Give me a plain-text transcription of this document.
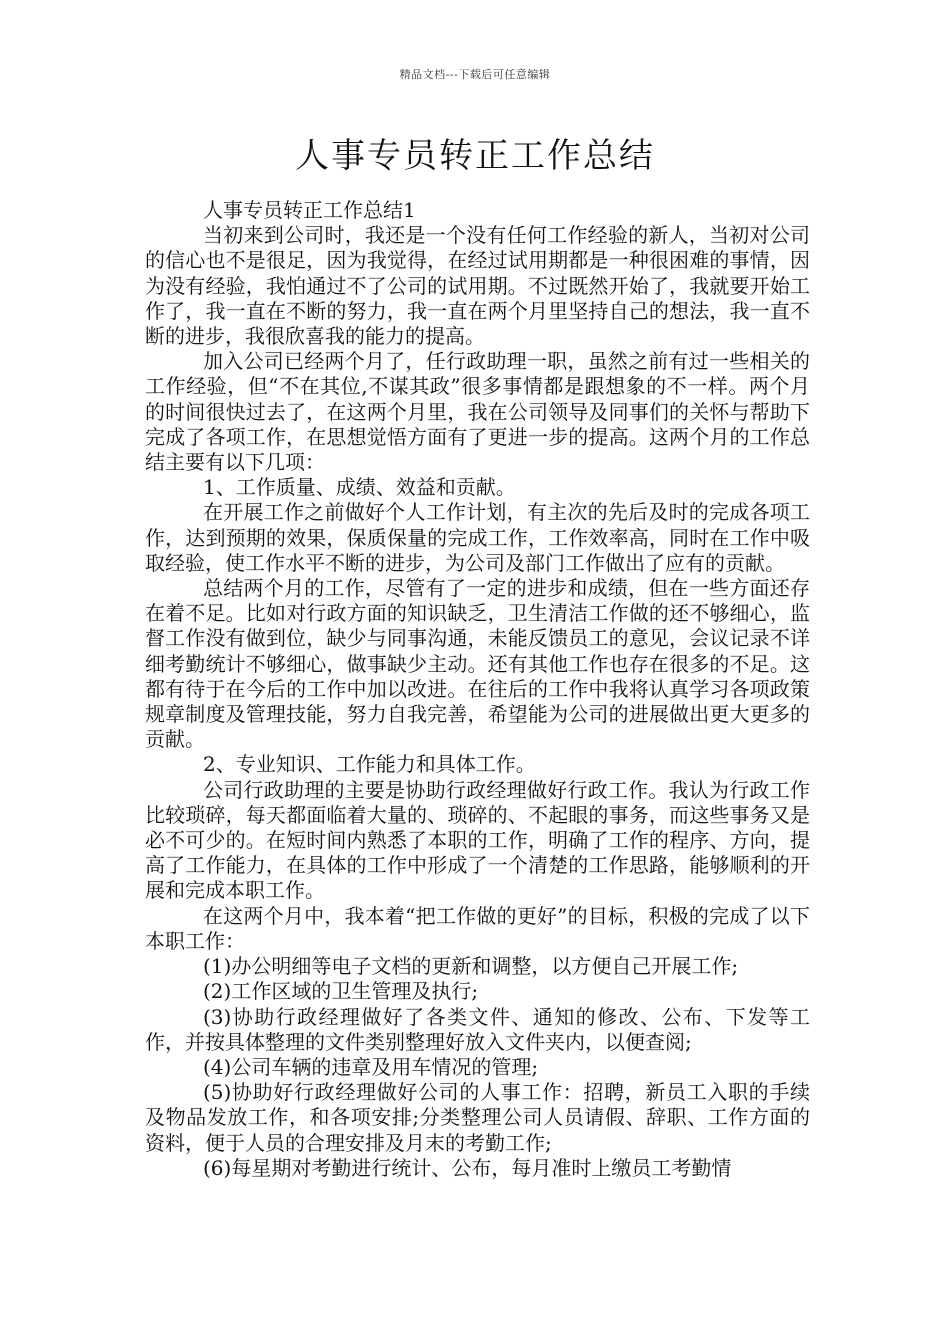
精品文档---下载后可任意编辑
人事专员转正工作总结

人事专员转正工作总结1

当初来到公司时，我还是一个没有任何工作经验的新人，当初对公司的信心也不是很足，因为我觉得，在经过试用期都是一种很困难的事情，因为没有经验，我怕通过不了公司的试用期。不过既然开始了，我就要开始工作了，我一直在不断的努力，我一直在两个月里坚持自己的想法，我一直不断的进步，我很欣喜我的能力的提高。

加入公司已经两个月了，任行政助理一职，虽然之前有过一些相关的工作经验，但“不在其位,不谋其政”很多事情都是跟想象的不一样。两个月的时间很快过去了，在这两个月里，我在公司领导及同事们的关怀与帮助下完成了各项工作，在思想觉悟方面有了更进一步的提高。这两个月的工作总结主要有以下几项：

1、工作质量、成绩、效益和贡献。

在开展工作之前做好个人工作计划，有主次的先后及时的完成各项工作，达到预期的效果，保质保量的完成工作，工作效率高，同时在工作中吸取经验，使工作水平不断的进步，为公司及部门工作做出了应有的贡献。

总结两个月的工作，尽管有了一定的进步和成绩，但在一些方面还存在着不足。比如对行政方面的知识缺乏，卫生清洁工作做的还不够细心，监督工作没有做到位，缺少与同事沟通，未能反馈员工的意见，会议记录不详细考勤统计不够细心，做事缺少主动。还有其他工作也存在很多的不足。这都有待于在今后的工作中加以改进。在往后的工作中我将认真学习各项政策规章制度及管理技能，努力自我完善，希望能为公司的进展做出更大更多的贡献。

2、专业知识、工作能力和具体工作。

公司行政助理的主要是协助行政经理做好行政工作。我认为行政工作比较琐碎，每天都面临着大量的、琐碎的、不起眼的事务，而这些事务又是必不可少的。在短时间内熟悉了本职的工作，明确了工作的程序、方向，提高了工作能力，在具体的工作中形成了一个清楚的工作思路，能够顺利的开展和完成本职工作。

在这两个月中，我本着“把工作做的更好”的目标，积极的完成了以下本职工作：

(1)办公明细等电子文档的更新和调整，以方便自己开展工作;

(2)工作区域的卫生管理及执行;

(3)协助行政经理做好了各类文件、通知的修改、公布、下发等工作，并按具体整理的文件类别整理好放入文件夹内，以便查阅;

(4)公司车辆的违章及用车情况的管理;

(5)协助好行政经理做好公司的人事工作：招聘，新员工入职的手续及物品发放工作，和各项安排;分类整理公司人员请假、辞职、工作方面的资料，便于人员的合理安排及月末的考勤工作;

(6)每星期对考勤进行统计、公布，每月准时上缴员工考勤情
